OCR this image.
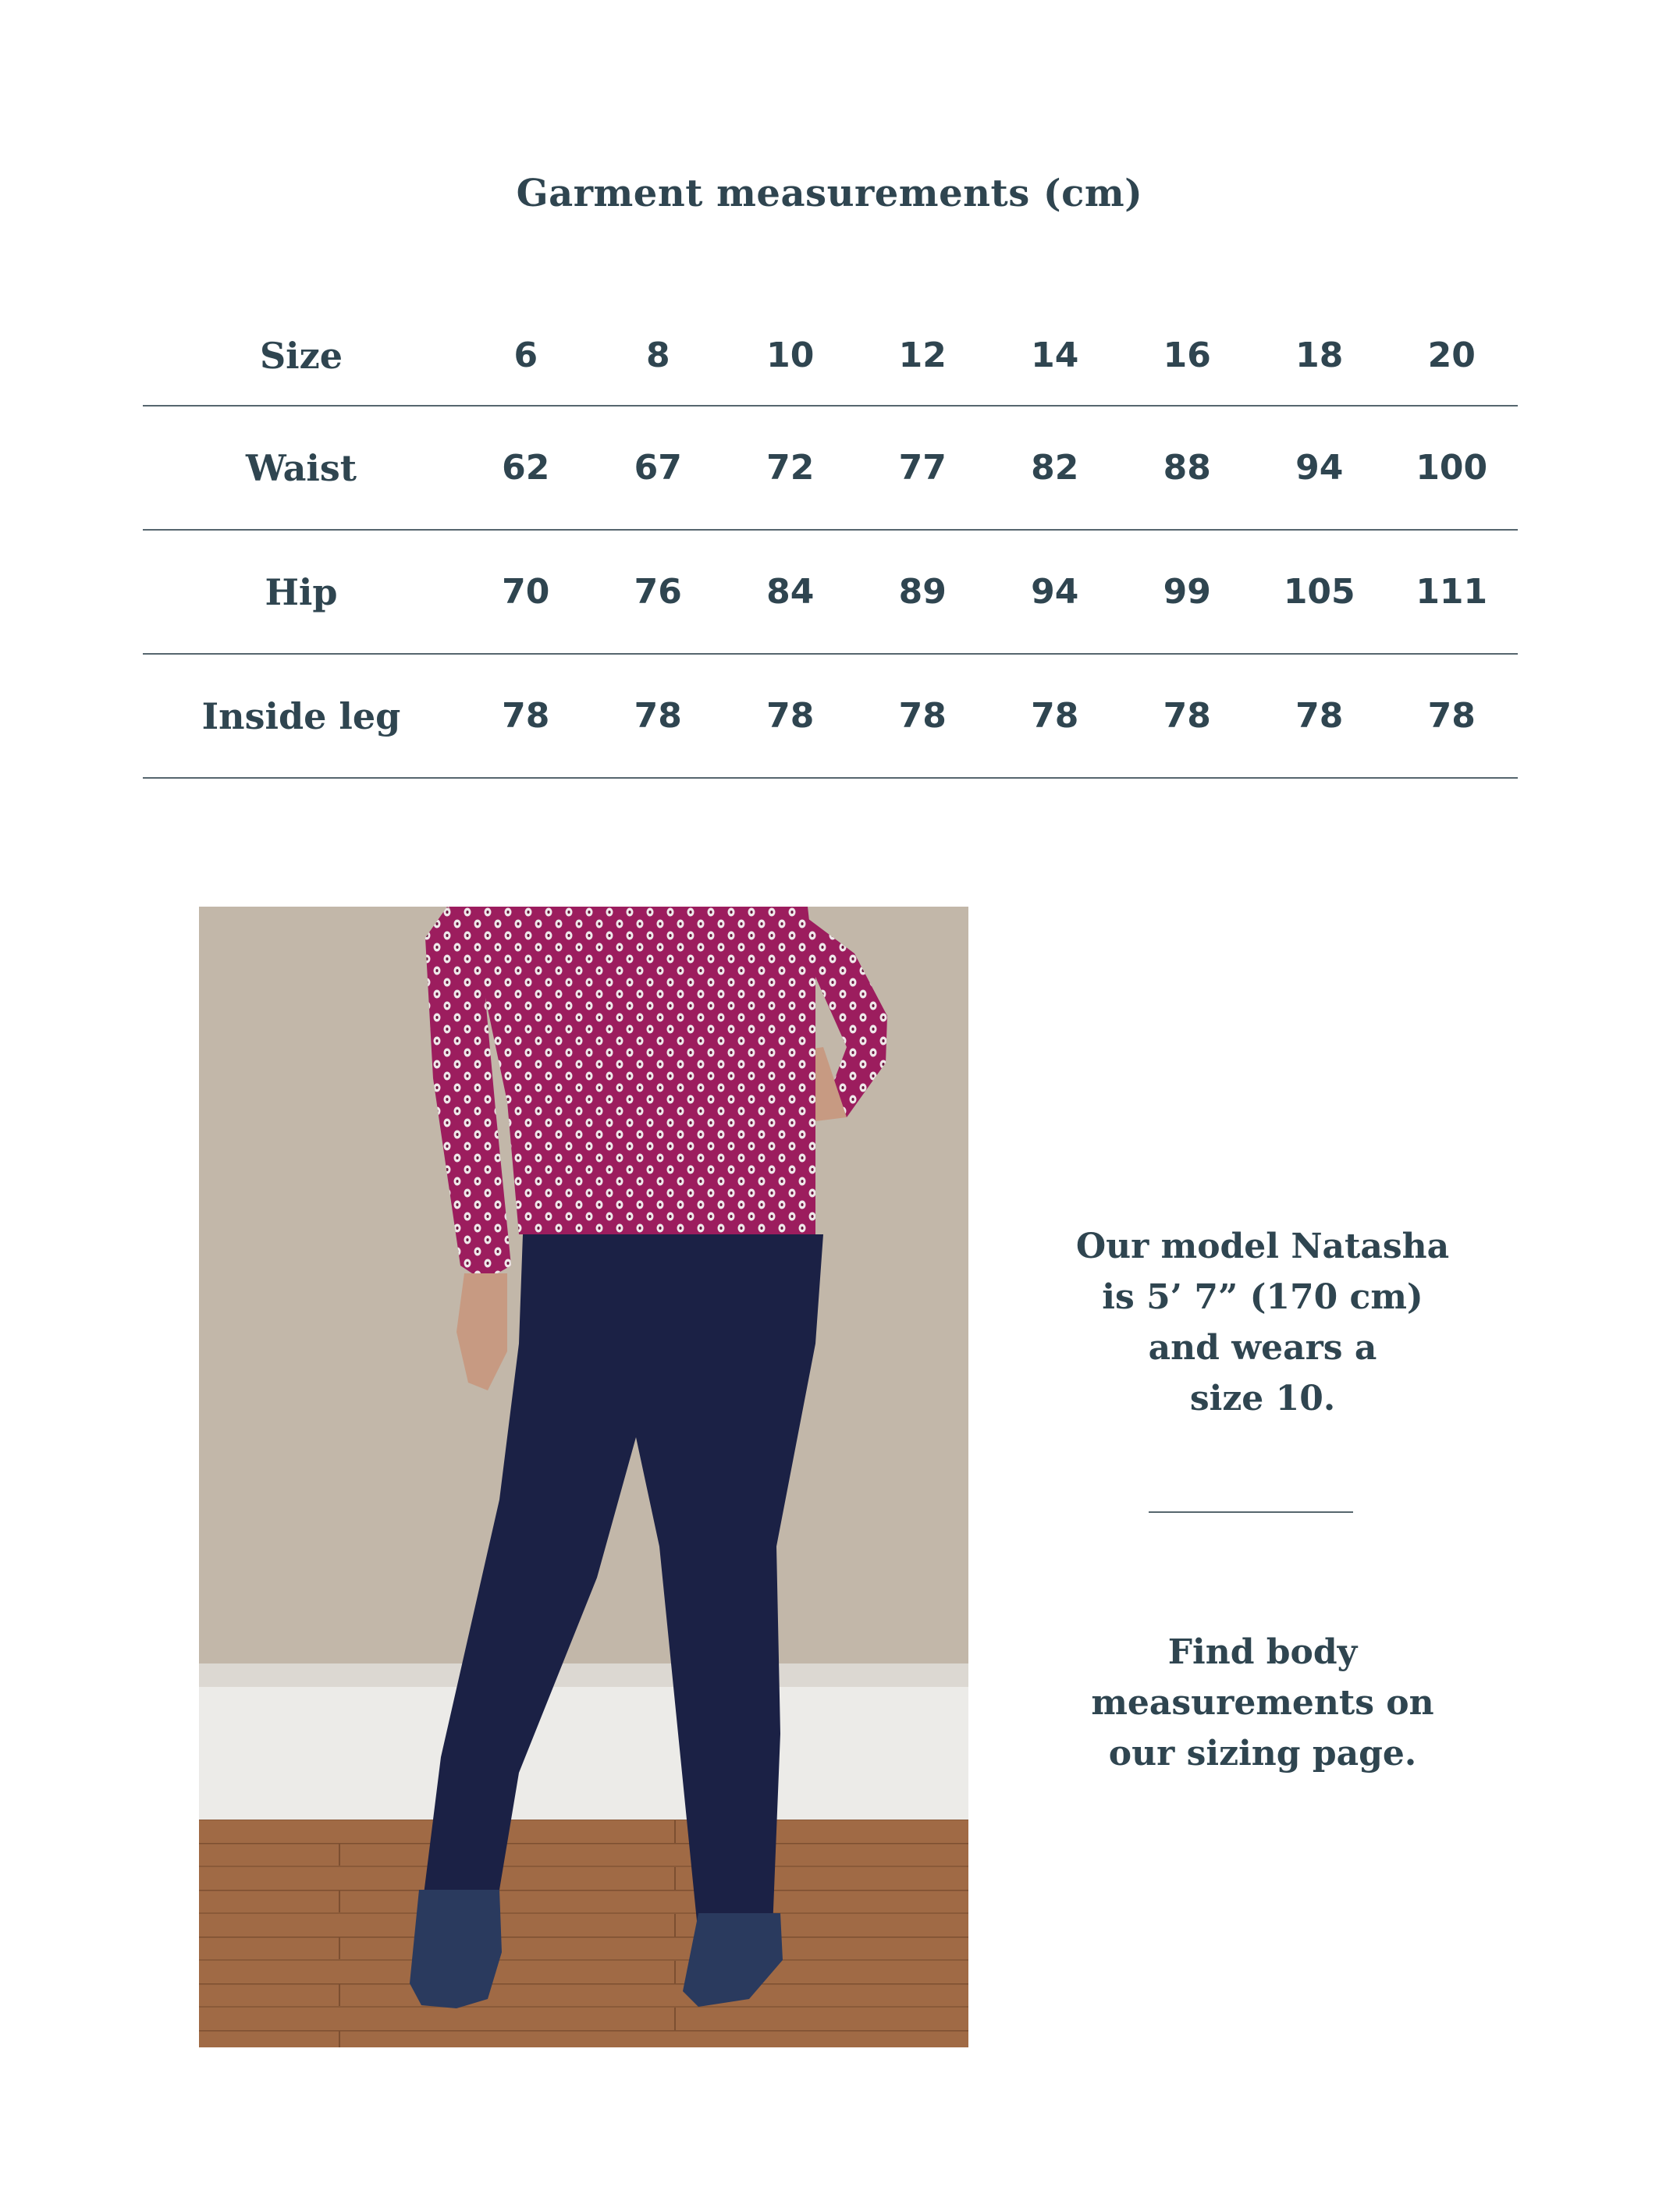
Garment measurements (cm)
Size	6	8	10	12	14	16	18	20
Waist	62	67	72	77	82	88	94	100
Hip	70	76	84	89	94	99	105	111
Inside leg	78	78	78	78	78	78	78	78

Our model Natasha
is 5’ 7” (170 cm)
and wears a
size 10.

Find body
measurements on
our sizing page.
